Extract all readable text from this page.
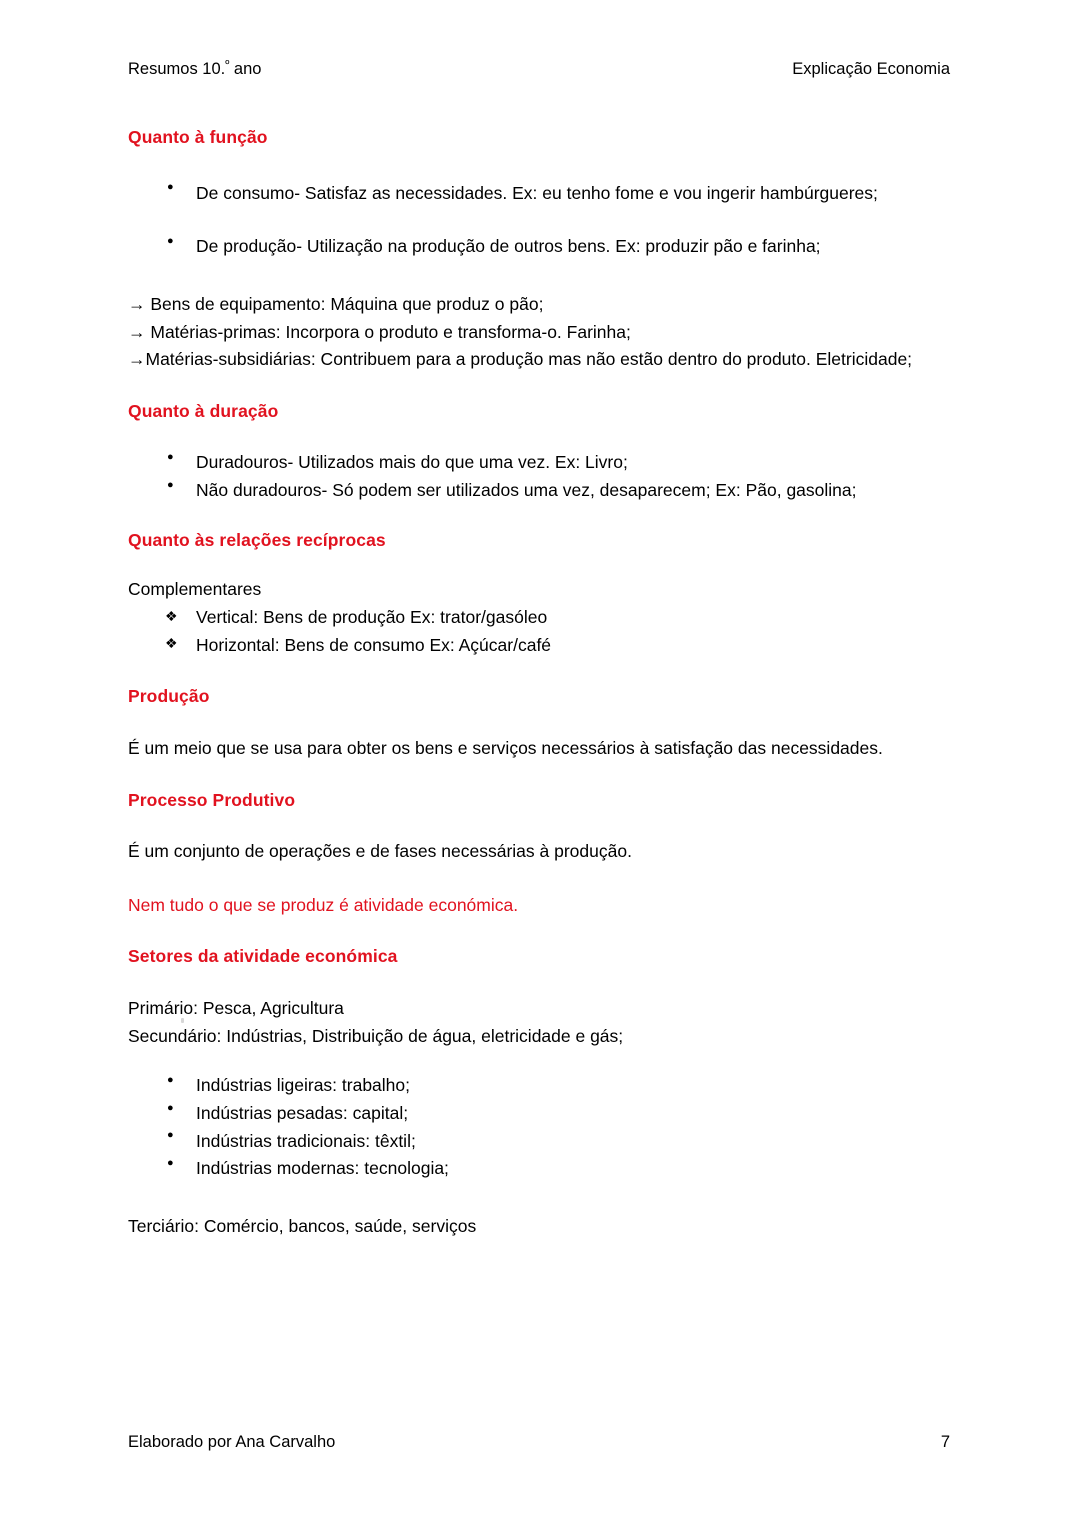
Resumos 10.$^º$ ano	Explicação Economia
Quanto à função
● De consumo- Satisfaz as necessidades. Ex: eu tenho fome e vou ingerir hambúrgueres;
● De produção- Utilização na produção de outros bens. Ex: produzir pão e farinha;

→ Bens de equipamento: Máquina que produz o pão;

→ Matérias-primas: Incorpora o produto e transforma-o. Farinha;

→Matérias-subsidiárias: Contribuem para a produção mas não estão dentro do produto. Eletricidade;

Quanto à duração
● Duradouros- Utilizados mais do que uma vez. Ex: Livro;
● Não duradouros- Só podem ser utilizados uma vez, desaparecem; Ex: Pão, gasolina;
Quanto às relações recíprocas

Complementares

❖ Vertical: Bens de produção Ex: trator/gasóleo
❖ Horizontal: Bens de consumo Ex: Açúcar/café
Produção

É um meio que se usa para obter os bens e serviços necessários à satisfação das necessidades.

Processo Produtivo

É um conjunto de operações e de fases necessárias à produção.

Nem tudo o que se produz é atividade económica.

Setores da atividade económica

Primário: Pesca, Agricultura

Secundário: Indústrias, Distribuição de água, eletricidade e gás;

● Indústrias ligeiras: trabalho;
● Indústrias pesadas: capital;
● Indústrias tradicionais: têxtil;
● Indústrias modernas: tecnologia;

Terciário: Comércio, bancos, saúde, serviços

Elaborado por Ana Carvalho	7
